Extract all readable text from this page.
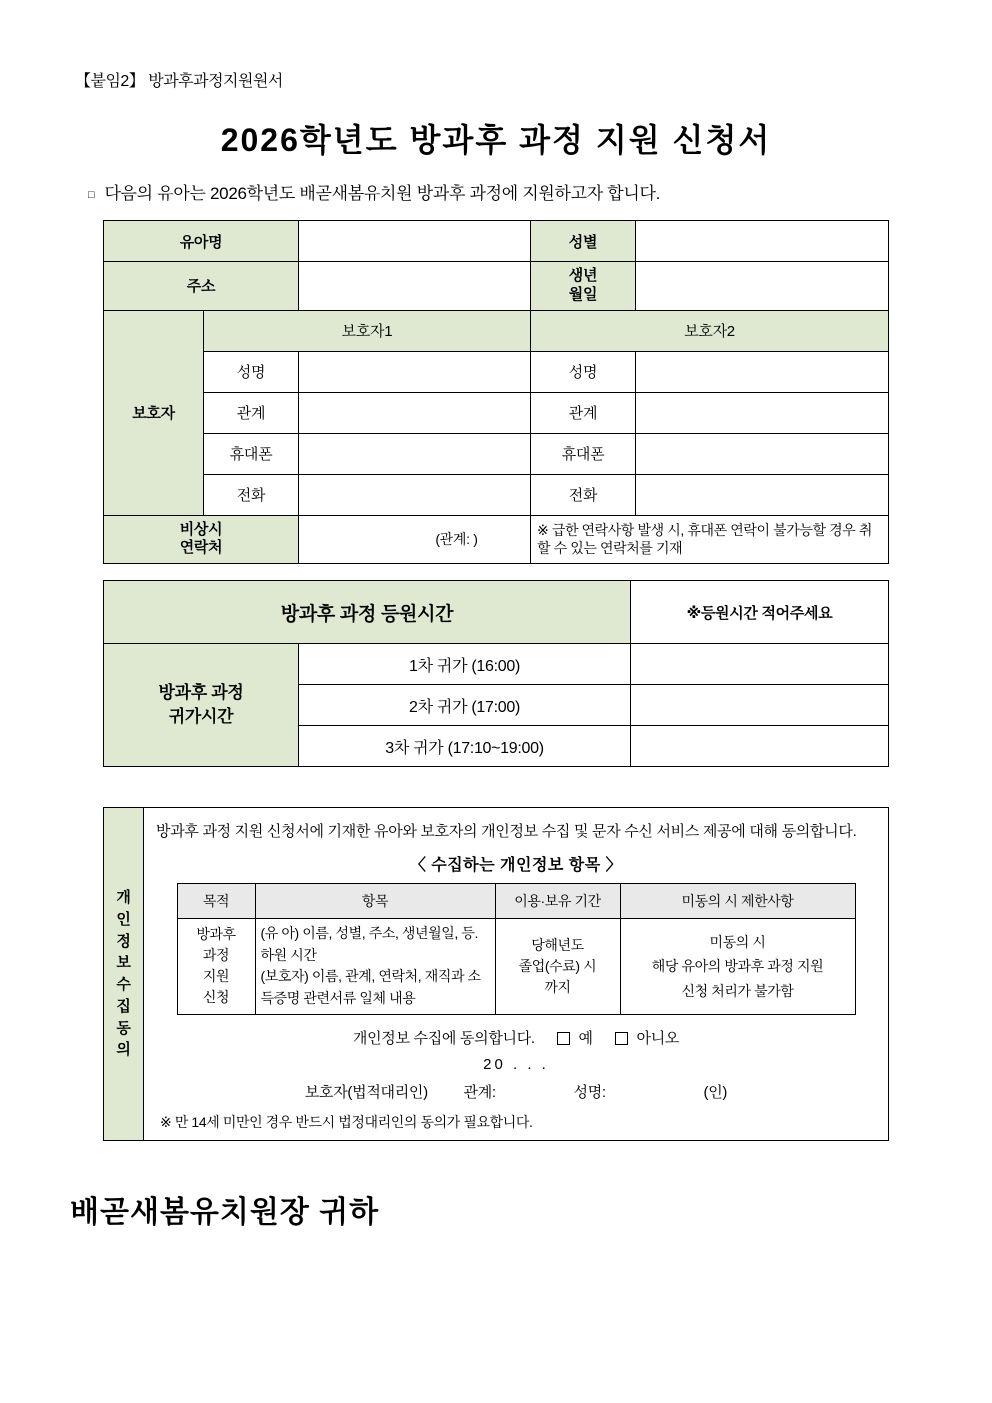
【붙임2】 방과후과정지원원서
2026학년도 방과후 과정 지원 신청서
□ 다음의 유아는 2026학년도 배곧새봄유치원 방과후 과정에 지원하고자 합니다.
유아명			성별	
주소			생년
월일	

보호자	보호자1		보호자2	
	성명		성명	
	관계		관계	
	휴대폰		휴대폰	
	전화		전화	

비상시
연락처		(관계: )	※ 급한 연락사항 발생 시, 휴대폰 연락이 불가능할 경우 취할 수 있는 연락처를 기재	
방과후 과정 등원시간		※등원시간 적어주세요

방과후 과정
귀가시간	1차 귀가 (16:00)	
	2차 귀가 (17:00)	
	3차 귀가 (17:10~19:00)	
개
인
정
보
수
집
동
의

방과후 과정 지원 신청서에 기재한 유아와 보호자의 개인정보 수집 및 문자 수신 서비스 제공에 대해 동의합니다.
〈 수집하는 개인정보 항목 〉
목적	항목	이용·보유 기간	미동의 시 제한사항

방과후
과정
지원
신청

(유 아) 이름, 성별, 주소, 생년월일, 등.하원 시간
(보호자) 이름, 관계, 연락처, 재직과 소득증명 관련서류 일체 내용

당해년도
졸업(수료) 시
까지

미동의 시
해당 유아의 방과후 과정 지원
신청 처리가 불가함
개인정보 수집에 동의합니다.	예	아니오
20 . . .
보호자(법적대리인) 관계:	성명:	(인)
※ 만 14세 미만인 경우 반드시 법정대리인의 동의가 필요합니다.
배곧새봄유치원장 귀하
